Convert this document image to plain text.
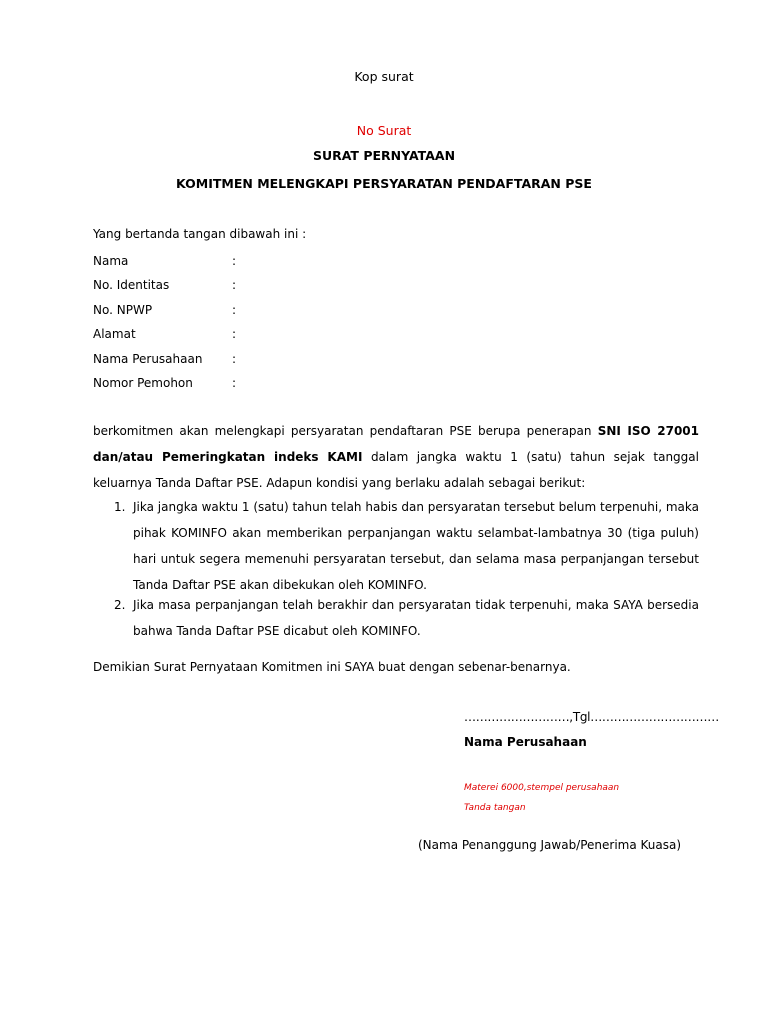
Kop surat
No Surat
SURAT PERNYATAAN
KOMITMEN MELENGKAPI PERSYARATAN PENDAFTARAN PSE
Yang bertanda tangan dibawah ini :
Nama	:
No. Identitas	:
No. NPWP	:
Alamat	:
Nama Perusahaan :
Nomor Pemohon	:
berkomitmen akan melengkapi persyaratan pendaftaran PSE berupa penerapan SNI ISO 27001 dan/atau Pemeringkatan indeks KAMI dalam jangka waktu 1 (satu) tahun sejak tanggal keluarnya Tanda Daftar PSE. Adapun kondisi yang berlaku adalah sebagai berikut:
1. Jika jangka waktu 1 (satu) tahun telah habis dan persyaratan tersebut belum terpenuhi, maka pihak KOMINFO akan memberikan perpanjangan waktu selambat-lambatnya 30 (tiga puluh) hari untuk segera memenuhi persyaratan tersebut, dan selama masa perpanjangan tersebut Tanda Daftar PSE akan dibekukan oleh KOMINFO.
2. Jika masa perpanjangan telah berakhir dan persyaratan tidak terpenuhi, maka SAYA bersedia bahwa Tanda Daftar PSE dicabut oleh KOMINFO.
Demikian Surat Pernyataan Komitmen ini SAYA buat dengan sebenar-benarnya.
………………………,Tgl……………………………
Nama Perusahaan
Materei 6000,stempel perusahaan
Tanda tangan
(Nama Penanggung Jawab/Penerima Kuasa)
